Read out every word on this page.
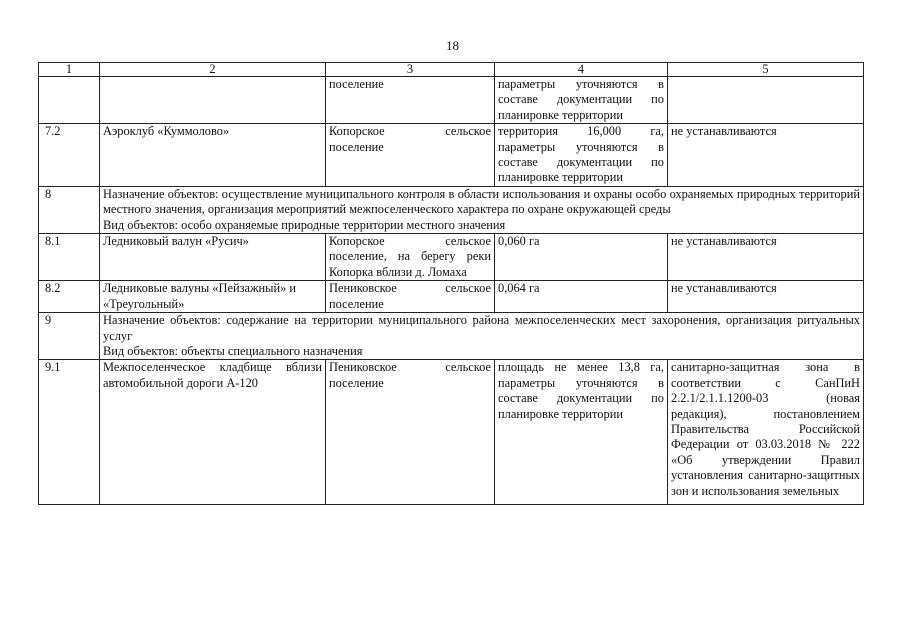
18
1	2	3	4	5
		поселение	параметры уточняются в составе документации по планировке территории	
7.2	Аэроклуб «Куммолово»	Копорское сельское поселение	территория 16,000 га, параметры уточняются в составе документации по планировке территории	не устанавливаются
8	Назначение объектов: осуществление муниципального контроля в области использования и охраны особо охраняемых природных территорий местного значения, организация мероприятий межпоселенческого характера по охране окружающей среды
Вид объектов: особо охраняемые природные территории местного значения			

8.1	Ледниковый валун «Русич»	Копорское сельское поселение, на берегу реки Копорка вблизи д. Ломаха	0,060 га	не устанавливаются
8.2	Ледниковые валуны «Пейзажный» и «Треугольный»	Пениковское сельское поселение	0,064 га	не устанавливаются
9	Назначение объектов: содержание на территории муниципального района межпоселенческих мест захоронения, организация ритуальных услуг
Вид объектов: объекты специального назначения			

9.1	Межпоселенческое кладбище вблизи автомобильной дороги А-120	Пениковское сельское поселение	площадь не менее 13,8 га, параметры уточняются в составе документации по планировке территории	санитарно-защитная зона в соответствии с СанПиН 2.2.1/2.1.1.1200-03 (новая редакция), постановлением Правительства Российской Федерации от 03.03.2018 № 222 «Об утверждении Правил установления санитарно-защитных зон и использования земельных
